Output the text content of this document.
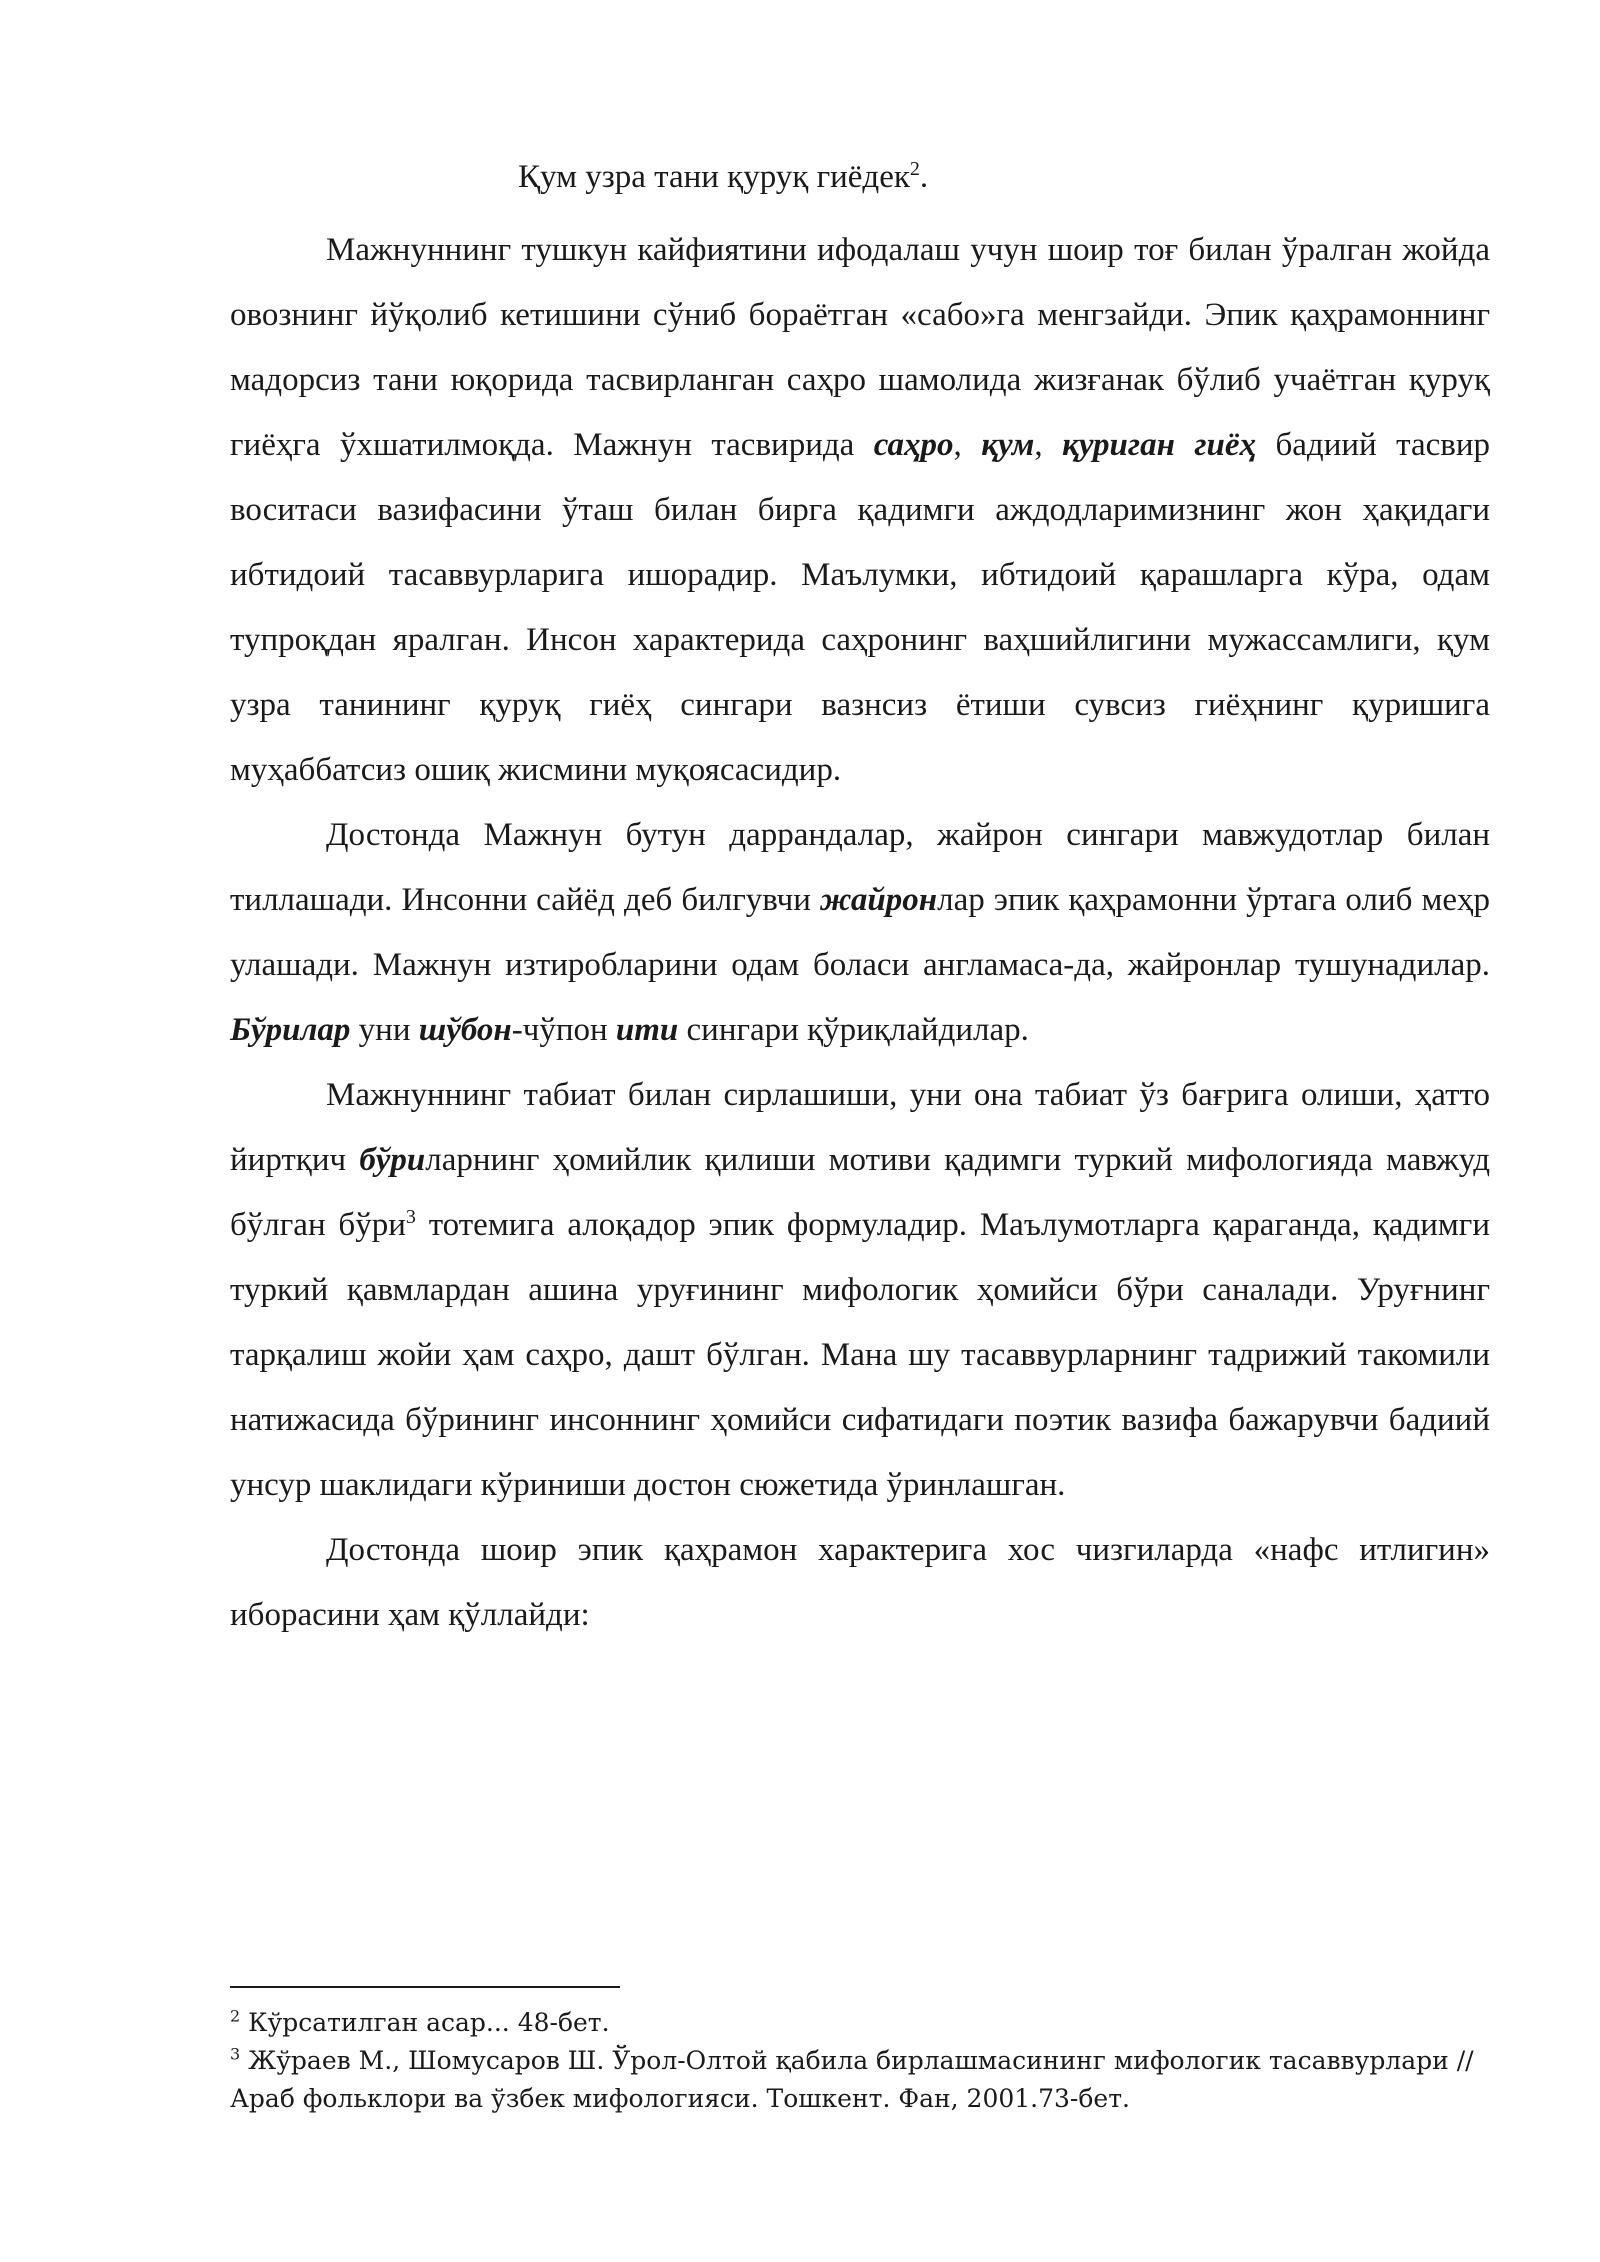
Қум узра тани қуруқ гиёдек$^2$.

Мажнуннинг тушкун кайфиятини ифодалаш учун шоир тоғ билан ўралган жойда овознинг йўқолиб кетишини сўниб бораётган «сабо»га менгзайди. Эпик қаҳрамоннинг мадорсиз тани юқорида тасвирланган саҳро шамолида жизғанак бўлиб учаётган қуруқ гиёҳга ўхшатилмоқда. Мажнун тасвирида саҳро, қум, қуриган гиёҳ бадиий тасвир воситаси вазифасини ўташ билан бирга қадимги аждодларимизнинг жон ҳақидаги ибтидоий тасаввурларига ишорадир. Маълумки, ибтидоий қарашларга кўра, одам тупроқдан яралган. Инсон характерида саҳронинг ваҳшийлигини мужассамлиги, қум узра танининг қуруқ гиёҳ сингари вазнсиз ётиши сувсиз гиёҳнинг қуришига муҳаббатсиз ошиқ жисмини муқоясасидир.

Достонда Мажнун бутун даррандалар, жайрон сингари мавжудотлар билан тиллашади. Инсонни сайёд деб билгувчи жайронлар эпик қаҳрамонни ўртага олиб меҳр улашади. Мажнун изтиробларини одам боласи англамаса-да, жайронлар тушунадилар. Бўрилар уни шўбон-чўпон ити сингари қўриқлайдилар.

Мажнуннинг табиат билан сирлашиши, уни она табиат ўз бағрига олиши, ҳатто йиртқич бўриларнинг ҳомийлик қилиши мотиви қадимги туркий мифологияда мавжуд бўлган бўри$^3$ тотемига алоқадор эпик формуладир. Маълумотларга қараганда, қадимги туркий қавмлардан ашина уруғининг мифологик ҳомийси бўри саналади. Уруғнинг тарқалиш жойи ҳам саҳро, дашт бўлган. Мана шу тасаввурларнинг тадрижий такомили натижасида бўрининг инсоннинг ҳомийси сифатидаги поэтик вазифа бажарувчи бадиий унсур шаклидаги кўриниши достон сюжетида ўринлашган.

Достонда шоир эпик қаҳрамон характерига хос чизгиларда «нафс итлигин» иборасини ҳам қўллайди:

$^2$ Кўрсатилган асар... 48-бет.

$^3$ Жўраев М., Шомусаров Ш. Ўрол-Олтой қабила бирлашмасининг мифологик тасаввурлари // Араб фольклори ва ўзбек мифологияси. Тошкент. Фан, 2001.73-бет.
